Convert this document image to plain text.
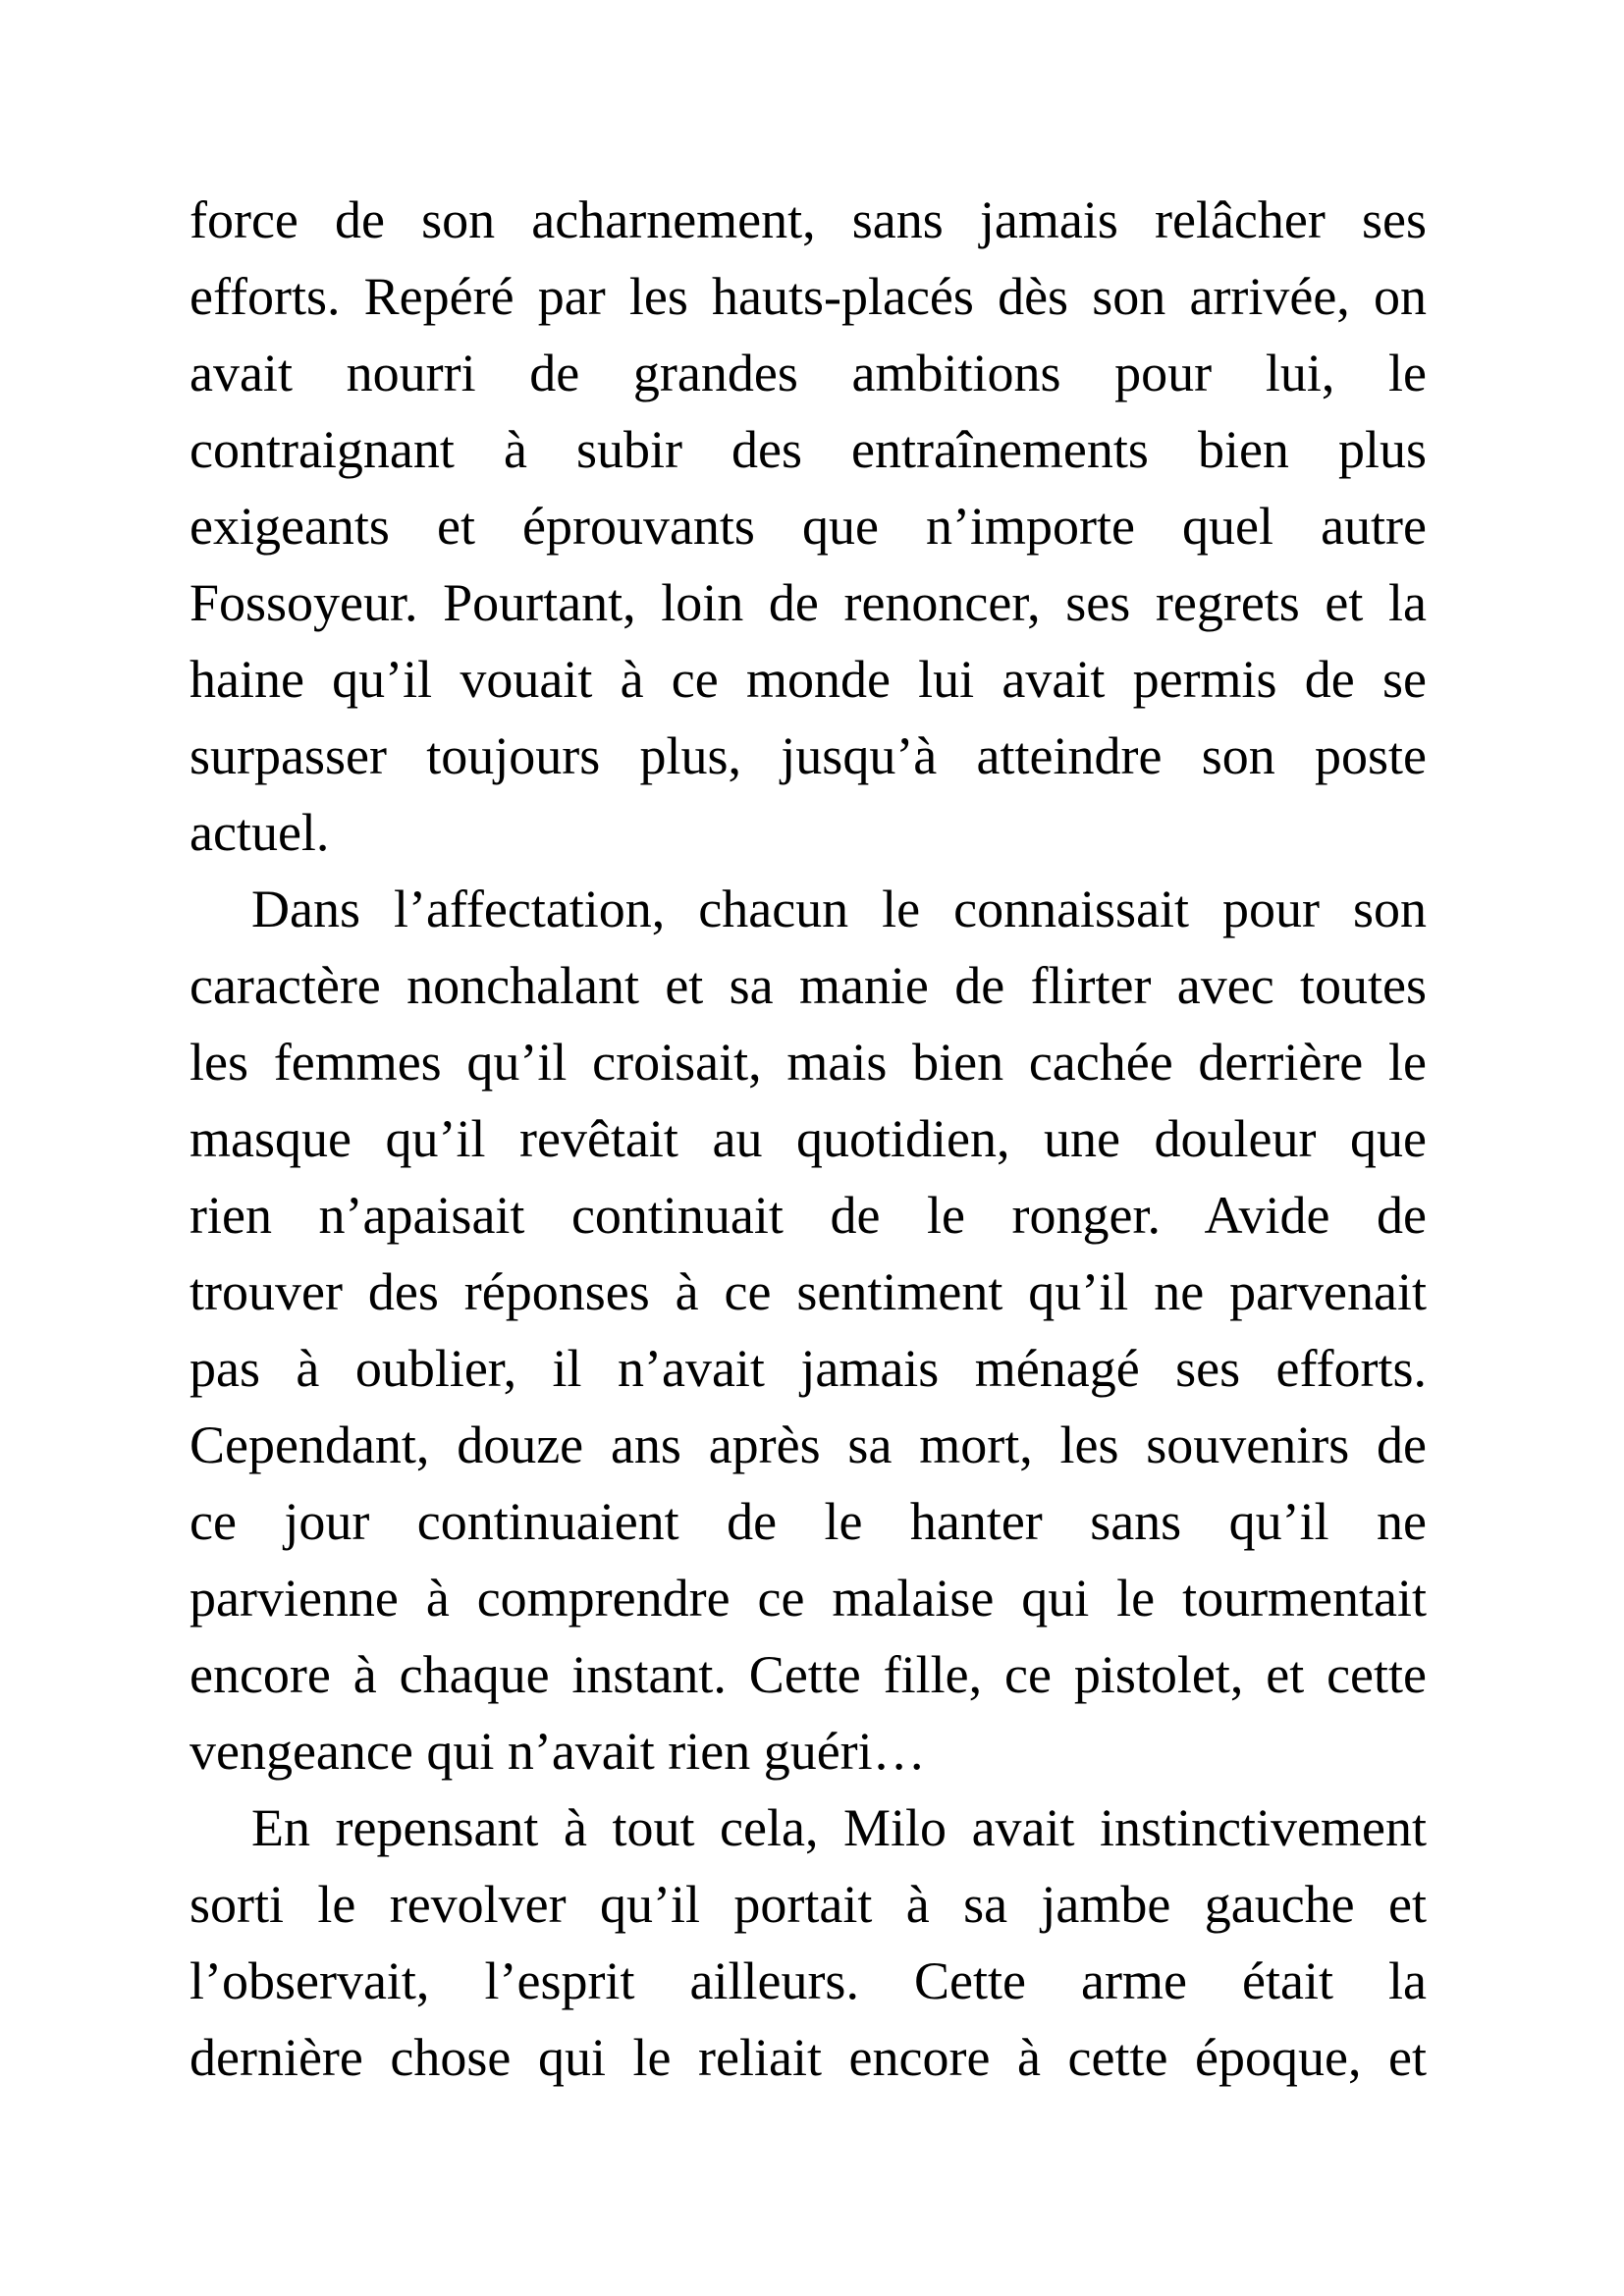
force de son acharnement, sans jamais relâcher ses
efforts. Repéré par les hauts-placés dès son arrivée, on
avait nourri de grandes ambitions pour lui, le
contraignant à subir des entraînements bien plus
exigeants et éprouvants que n’importe quel autre
Fossoyeur. Pourtant, loin de renoncer, ses regrets et la
haine qu’il vouait à ce monde lui avait permis de se
surpasser toujours plus, jusqu’à atteindre son poste
actuel.
Dans l’affectation, chacun le connaissait pour son
caractère nonchalant et sa manie de flirter avec toutes
les femmes qu’il croisait, mais bien cachée derrière le
masque qu’il revêtait au quotidien, une douleur que
rien n’apaisait continuait de le ronger. Avide de
trouver des réponses à ce sentiment qu’il ne parvenait
pas à oublier, il n’avait jamais ménagé ses efforts.
Cependant, douze ans après sa mort, les souvenirs de
ce jour continuaient de le hanter sans qu’il ne
parvienne à comprendre ce malaise qui le tourmentait
encore à chaque instant. Cette fille, ce pistolet, et cette
vengeance qui n’avait rien guéri…
En repensant à tout cela, Milo avait instinctivement
sorti le revolver qu’il portait à sa jambe gauche et
l’observait, l’esprit ailleurs. Cette arme était la
dernière chose qui le reliait encore à cette époque, et
